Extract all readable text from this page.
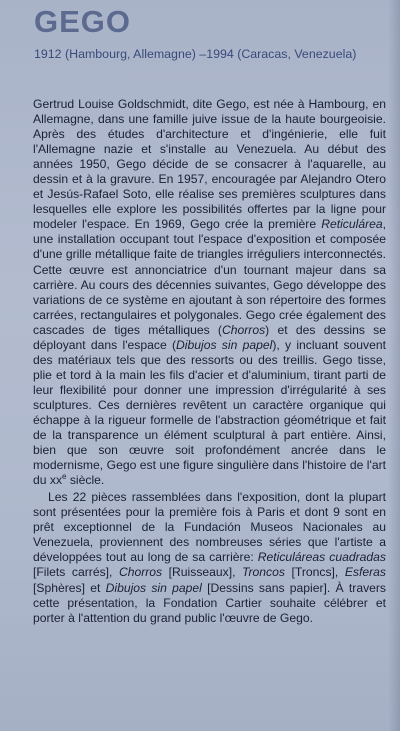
GEGO
1912 (Hambourg, Allemagne) –1994 (Caracas, Venezuela)

Gertrud Louise Goldschmidt, dite Gego, est née à Hambourg, en Allemagne, dans une famille juive issue de la haute bourgeoisie. Après des études d'architecture et d'ingénierie, elle fuit l'Allemagne nazie et s'installe au Venezuela. Au début des années 1950, Gego décide de se consacrer à l'aquarelle, au dessin et à la gravure. En 1957, encouragée par Alejandro Otero et Jesús-Rafael Soto, elle réalise ses premières sculptures dans lesquelles elle explore les possibilités offertes par la ligne pour modeler l'espace. En 1969, Gego crée la première Reticulárea, une installation occupant tout l'espace d'exposition et composée d'une grille métallique faite de triangles irréguliers interconnectés. Cette œuvre est annonciatrice d'un tournant majeur dans sa carrière. Au cours des décennies suivantes, Gego développe des variations de ce système en ajoutant à son répertoire des formes carrées, rectangulaires et polygonales. Gego crée également des cascades de tiges métalliques (Chorros) et des dessins se déployant dans l'espace (Dibujos sin papel), y incluant souvent des matériaux tels que des ressorts ou des treillis. Gego tisse, plie et tord à la main les fils d'acier et d'aluminium, tirant parti de leur flexibilité pour donner une impression d'irrégularité à ses sculptures. Ces dernières revêtent un caractère organique qui échappe à la rigueur formelle de l'abstraction géométrique et fait de la transparence un élément sculptural à part entière. Ainsi, bien que son œuvre soit profondément ancrée dans le modernisme, Gego est une figure singulière dans l'histoire de l'art du $xx^e$ siècle.

Les 22 pièces rassemblées dans l'exposition, dont la plupart sont présentées pour la première fois à Paris et dont 9 sont en prêt exceptionnel de la Fundación Museos Nacionales au Venezuela, proviennent des nombreuses séries que l'artiste a développées tout au long de sa carrière: Reticuláreas cuadradas [Filets carrés], Chorros [Ruisseaux], Troncos [Troncs], Esferas [Sphères] et Dibujos sin papel [Dessins sans papier]. À travers cette présentation, la Fondation Cartier souhaite célébrer et porter à l'attention du grand public l'œuvre de Gego.
